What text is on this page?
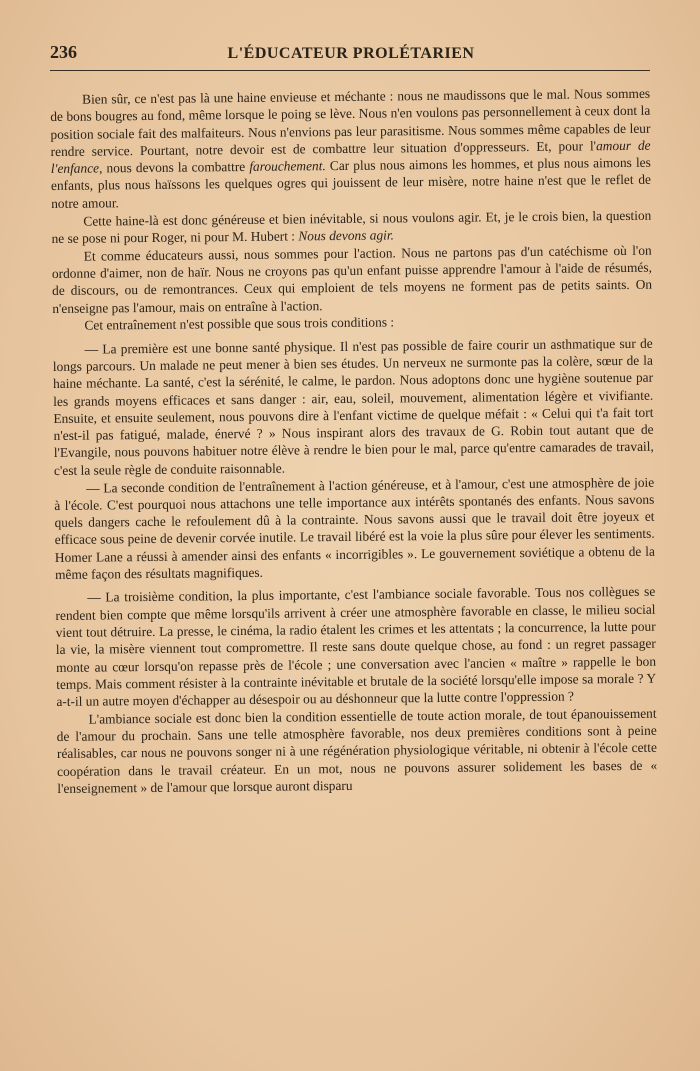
236	L'ÉDUCATEUR PROLÉTARIEN

Bien sûr, ce n'est pas là une haine envieuse et méchante : nous ne maudissons que le mal. Nous sommes de bons bougres au fond, même lorsque le poing se lève. Nous n'en voulons pas personnellement à ceux dont la position sociale fait des malfaiteurs. Nous n'envions pas leur parasitisme. Nous sommes même capables de leur rendre service. Pourtant, notre devoir est de combattre leur situation d'oppresseurs. Et, pour l'amour de l'enfance, nous devons la combattre farouchement. Car plus nous aimons les hommes, et plus nous aimons les enfants, plus nous haïssons les quelques ogres qui jouissent de leur misère, notre haine n'est que le reflet de notre amour.

Cette haine-là est donc généreuse et bien inévitable, si nous voulons agir. Et, je le crois bien, la question ne se pose ni pour Roger, ni pour M. Hubert : Nous devons agir.

Et comme éducateurs aussi, nous sommes pour l'action. Nous ne partons pas d'un catéchisme où l'on ordonne d'aimer, non de haïr. Nous ne croyons pas qu'un enfant puisse apprendre l'amour à l'aide de résumés, de discours, ou de remontrances. Ceux qui emploient de tels moyens ne forment pas de petits saints. On n'enseigne pas l'amour, mais on entraîne à l'action.

Cet entraînement n'est possible que sous trois conditions :

— La première est une bonne santé physique. Il n'est pas possible de faire courir un asthmatique sur de longs parcours. Un malade ne peut mener à bien ses études. Un nerveux ne surmonte pas la colère, sœur de la haine méchante. La santé, c'est la sérénité, le calme, le pardon. Nous adoptons donc une hygiène soutenue par les grands moyens efficaces et sans danger : air, eau, soleil, mouvement, alimentation légère et vivifiante. Ensuite, et ensuite seulement, nous pouvons dire à l'enfant victime de quelque méfait : « Celui qui t'a fait tort n'est-il pas fatigué, malade, énervé ? » Nous inspirant alors des travaux de G. Robin tout autant que de l'Evangile, nous pouvons habituer notre élève à rendre le bien pour le mal, parce qu'entre camarades de travail, c'est la seule règle de conduite raisonnable.

— La seconde condition de l'entraînement à l'action généreuse, et à l'amour, c'est une atmosphère de joie à l'école. C'est pourquoi nous attachons une telle importance aux intérêts spontanés des enfants. Nous savons quels dangers cache le refoulement dû à la contrainte. Nous savons aussi que le travail doit être joyeux et efficace sous peine de devenir corvée inutile. Le travail libéré est la voie la plus sûre pour élever les sentiments. Homer Lane a réussi à amender ainsi des enfants « incorrigibles ». Le gouvernement soviétique a obtenu de la même façon des résultats magnifiques.

— La troisième condition, la plus importante, c'est l'ambiance sociale favorable. Tous nos collègues se rendent bien compte que même lorsqu'ils arrivent à créer une atmosphère favorable en classe, le milieu social vient tout détruire. La presse, le cinéma, la radio étalent les crimes et les attentats ; la concurrence, la lutte pour la vie, la misère viennent tout compromettre. Il reste sans doute quelque chose, au fond : un regret passager monte au cœur lorsqu'on repasse près de l'école ; une conversation avec l'ancien « maître » rappelle le bon temps. Mais comment résister à la contrainte inévitable et brutale de la société lorsqu'elle impose sa morale ? Y a-t-il un autre moyen d'échapper au désespoir ou au déshonneur que la lutte contre l'oppression ?

L'ambiance sociale est donc bien la condition essentielle de toute action morale, de tout épanouissement de l'amour du prochain. Sans une telle atmosphère favorable, nos deux premières conditions sont à peine réalisables, car nous ne pouvons songer ni à une régénération physiologique véritable, ni obtenir à l'école cette coopération dans le travail créateur. En un mot, nous ne pouvons assurer solidement les bases de « l'enseignement » de l'amour que lorsque auront disparu
